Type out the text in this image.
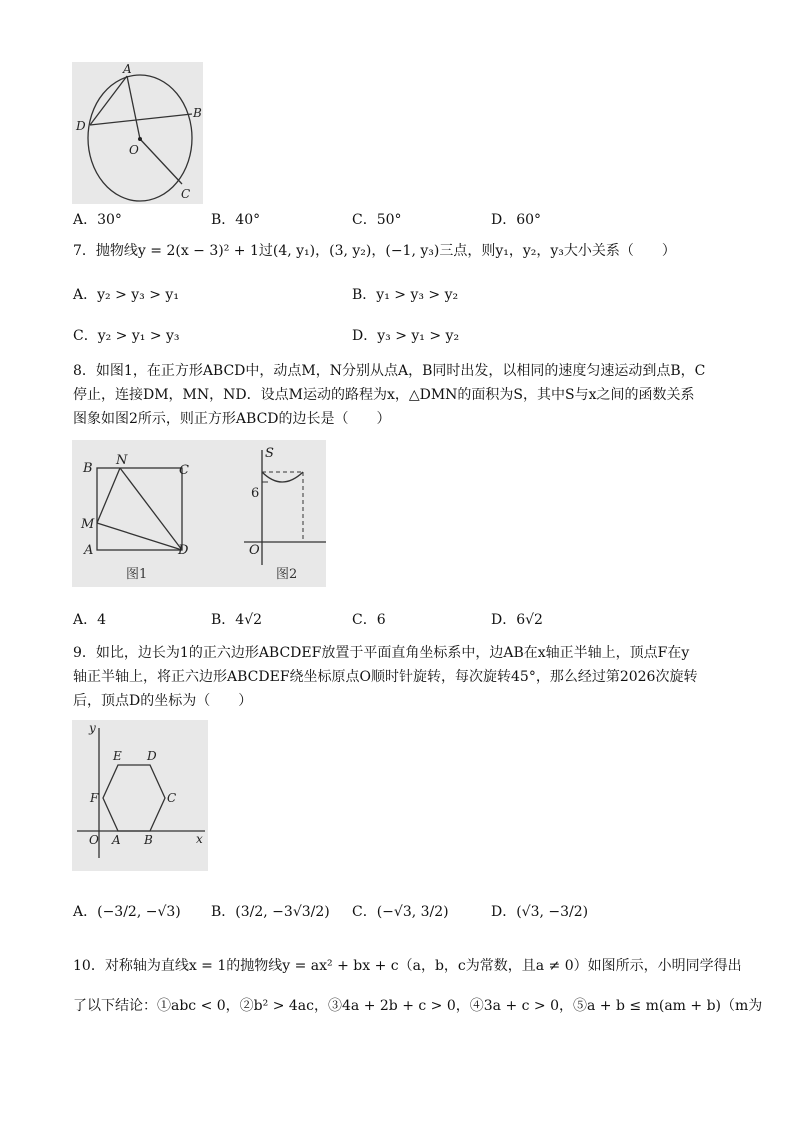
A
B
C
D
O
A．30°	B．40°	C．50°	D．60°
7．抛物线y = 2(x − 3)² + 1过(4, y₁)，(3, y₂)，(−1, y₃)三点，则y₁，y₂，y₃大小关系（　　）
A．y₂ > y₃ > y₁	B．y₁ > y₃ > y₂
C．y₂ > y₁ > y₃	D．y₃ > y₁ > y₂
8．如图1，在正方形ABCD中，动点M，N分别从点A，B同时出发，以相同的速度匀速运动到点B，C
停止，连接DM，MN，ND．设点M运动的路程为x，△DMN的面积为S，其中S与x之间的函数关系
图象如图2所示，则正方形ABCD的边长是（　　）
B
N
C
M
A	D
图1
S
6
O
图2
A．4	B．4√2	C．6	D．6√2
9．如比，边长为1的正六边形ABCDEF放置于平面直角坐标系中，边AB在x轴正半轴上，顶点F在y
轴正半轴上，将正六边形ABCDEF绕坐标原点O顺时针旋转，每次旋转45°，那么经过第2026次旋转
后，顶点D的坐标为（　　）
y
E D
F	C
O A B	x
A．(−3/2, −√3) B．(3/2, −3√3/2) C．(−√3, 3/2)	D．(√3, −3/2)
10．对称轴为直线x = 1的抛物线y = ax² + bx + c（a，b，c为常数，且a ≠ 0）如图所示，小明同学得出
了以下结论：①abc < 0，②b² > 4ac，③4a + 2b + c > 0，④3a + c > 0，⑤a + b ≤ m(am + b)（m为
